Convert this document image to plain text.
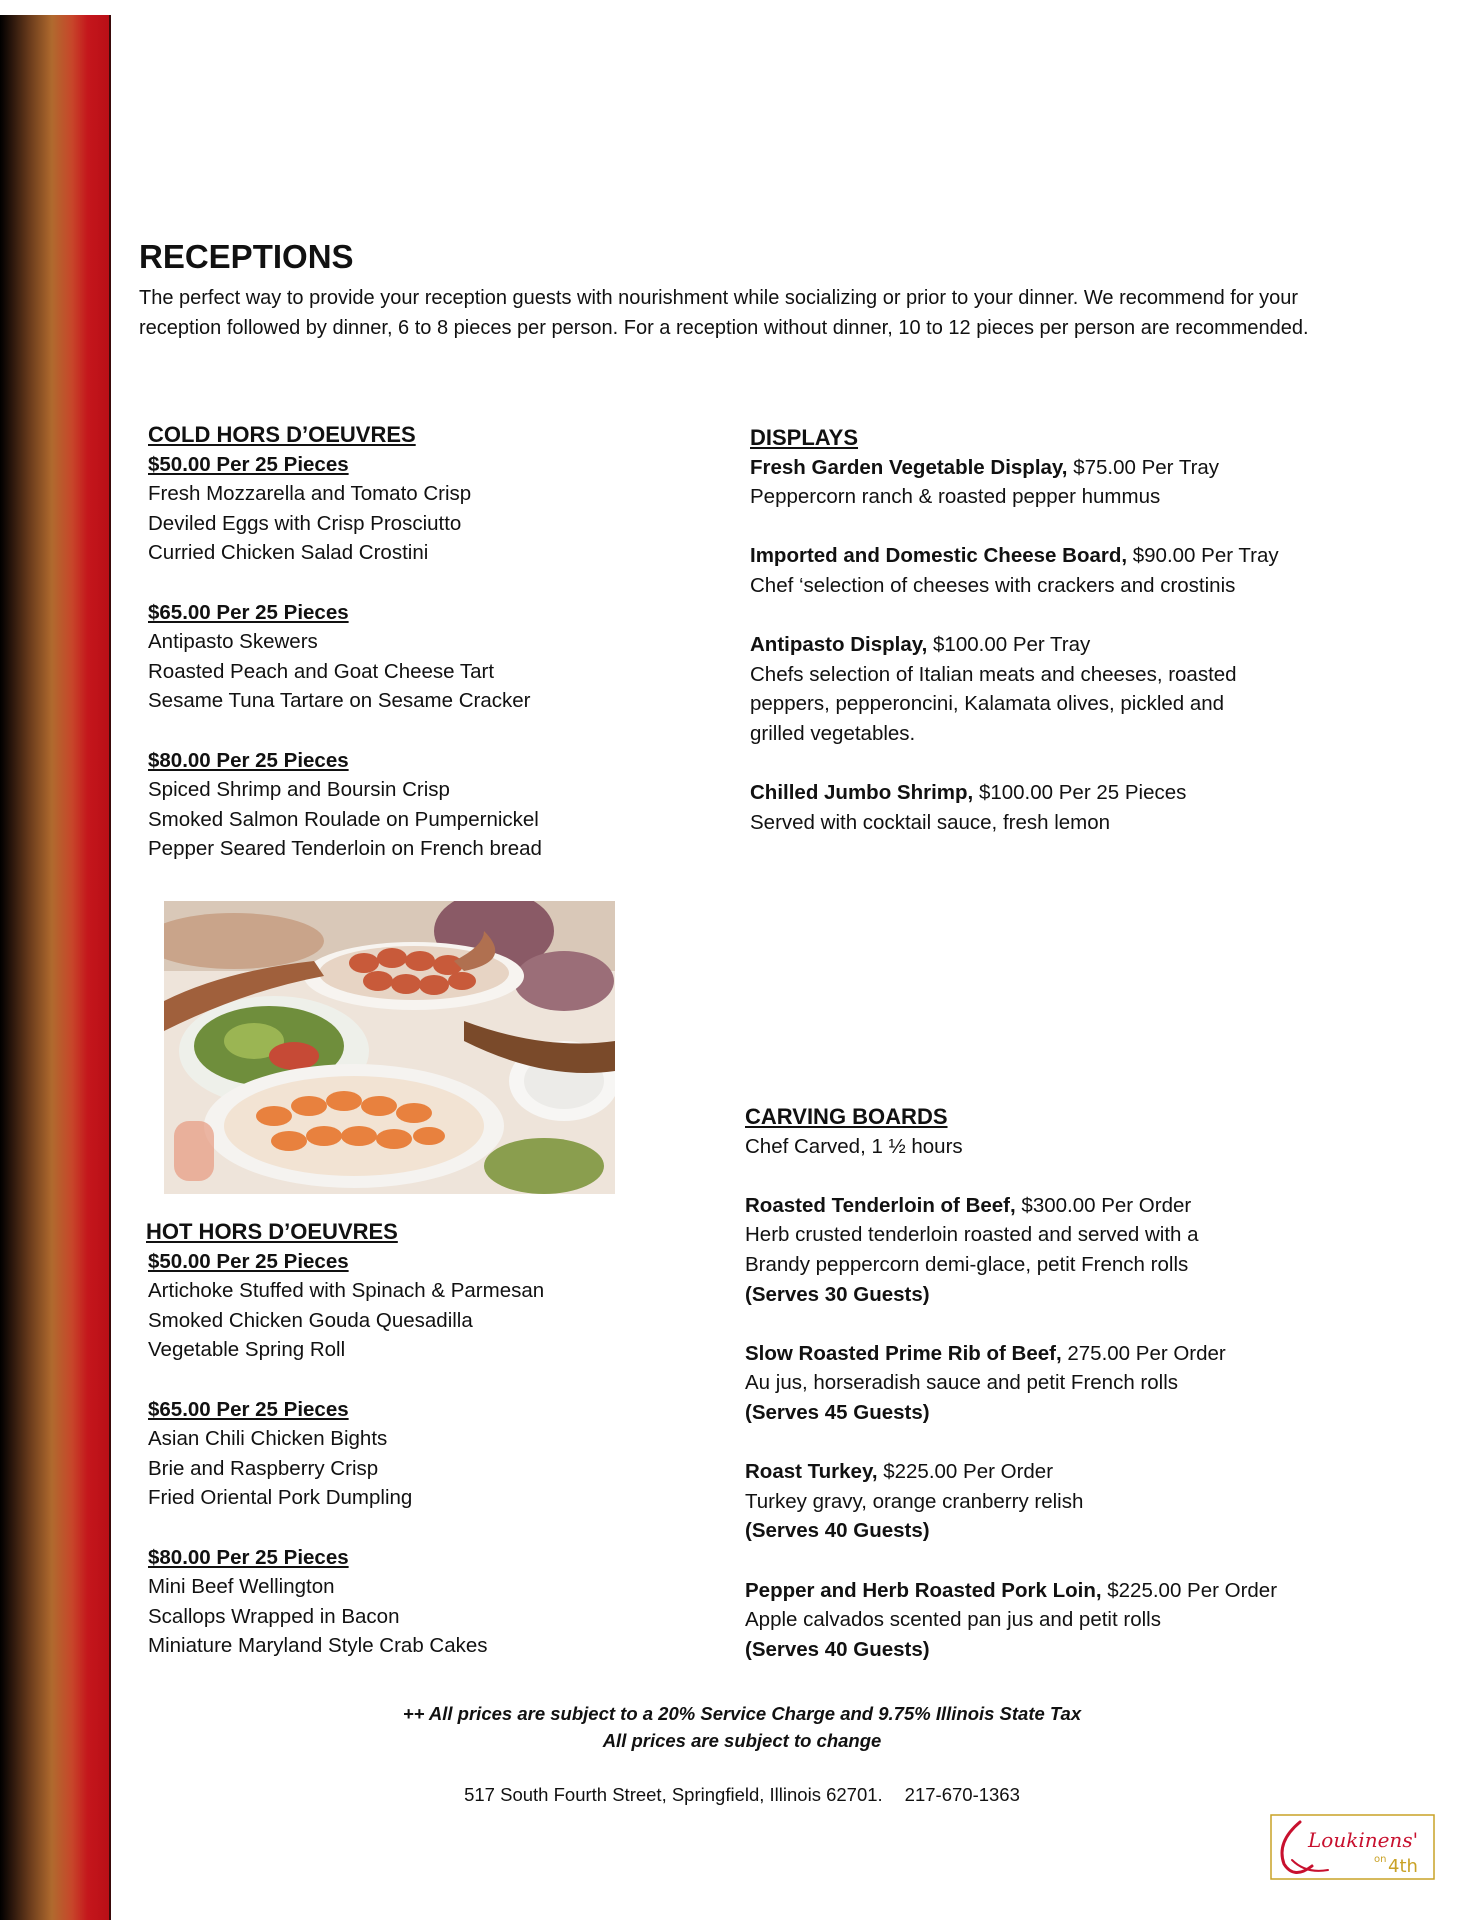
RECEPTIONS

The perfect way to provide your reception guests with nourishment while socializing or prior to your dinner. We recommend for your reception followed by dinner, 6 to 8 pieces per person. For a reception without dinner, 10 to 12 pieces per person are recommended.

COLD HORS D’OEUVRES
$50.00 Per 25 Pieces
Fresh Mozzarella and Tomato Crisp
Deviled Eggs with Crisp Prosciutto
Curried Chicken Salad Crostini
$65.00 Per 25 Pieces
Antipasto Skewers
Roasted Peach and Goat Cheese Tart
Sesame Tuna Tartare on Sesame Cracker
$80.00 Per 25 Pieces
Spiced Shrimp and Boursin Crisp
Smoked Salmon Roulade on Pumpernickel
Pepper Seared Tenderloin on French bread
DISPLAYS
Fresh Garden Vegetable Display, $75.00 Per Tray
Peppercorn ranch & roasted pepper hummus
Imported and Domestic Cheese Board, $90.00 Per Tray
Chef ‘selection of cheeses with crackers and crostinis
Antipasto Display, $100.00 Per Tray
Chefs selection of Italian meats and cheeses, roasted
peppers, pepperoncini, Kalamata olives, pickled and
grilled vegetables.
Chilled Jumbo Shrimp, $100.00 Per 25 Pieces
Served with cocktail sauce, fresh lemon
HOT HORS D’OEUVRES
$50.00 Per 25 Pieces
Artichoke Stuffed with Spinach & Parmesan
Smoked Chicken Gouda Quesadilla
Vegetable Spring Roll
$65.00 Per 25 Pieces
Asian Chili Chicken Bights
Brie and Raspberry Crisp
Fried Oriental Pork Dumpling
$80.00 Per 25 Pieces
Mini Beef Wellington
Scallops Wrapped in Bacon
Miniature Maryland Style Crab Cakes
CARVING BOARDS
Chef Carved, 1 ½ hours
Roasted Tenderloin of Beef, $300.00 Per Order
Herb crusted tenderloin roasted and served with a
Brandy peppercorn demi-glace, petit French rolls
(Serves 30 Guests)
Slow Roasted Prime Rib of Beef, 275.00 Per Order
Au jus, horseradish sauce and petit French rolls
(Serves 45 Guests)
Roast Turkey, $225.00 Per Order
Turkey gravy, orange cranberry relish
(Serves 40 Guests)
Pepper and Herb Roasted Pork Loin, $225.00 Per Order
Apple calvados scented pan jus and petit rolls
(Serves 40 Guests)
++ All prices are subject to a 20% Service Charge and 9.75% Illinois State Tax
All prices are subject to change
517 South Fourth Street, Springfield, Illinois 62701. 217-670-1363
Loukinens'
on 4th
